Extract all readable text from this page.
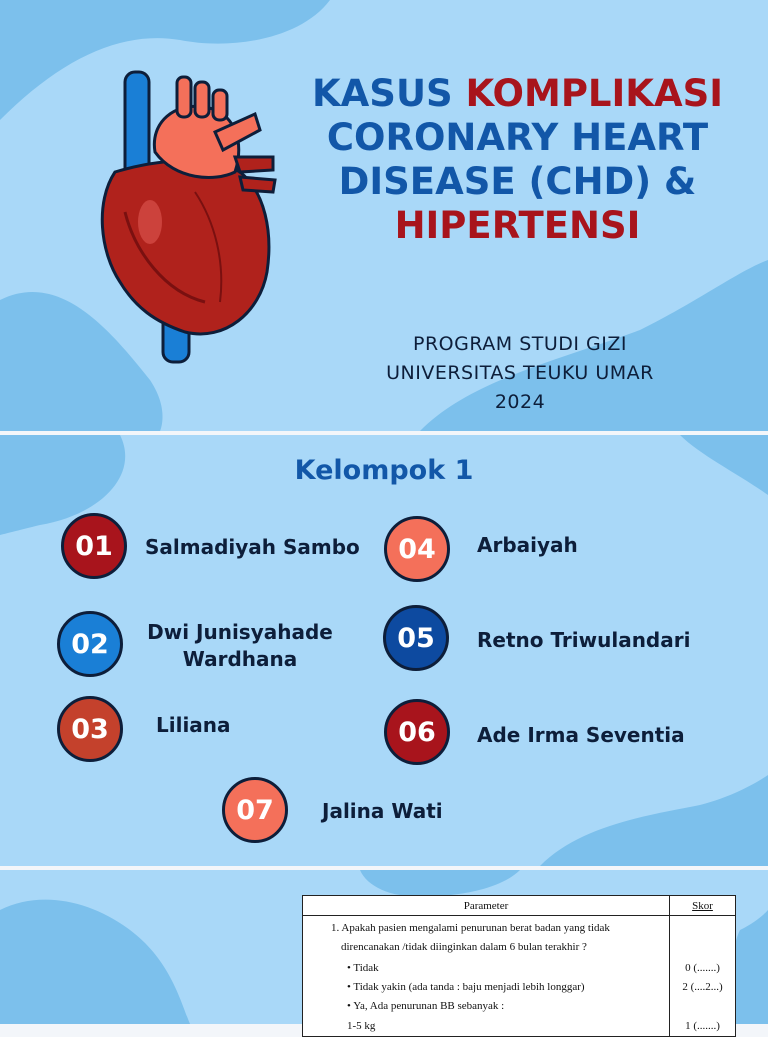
KASUS KOMPLIKASI
CORONARY HEART
DISEASE (CHD) &
HIPERTENSI
PROGRAM STUDI GIZI
UNIVERSITAS TEUKU UMAR
2024
Kelompok 1
01	Salmadiyah Sambo	04	Arbaiyah
02	Dwi Junisyahade
Wardhana
05	Retno Triwulandari
03	Liliana	06	Ade Irma Seventia
07	Jalina Wati
Parameter	Skor
1. Apakah pasien mengalami penurunan berat badan yang tidak
direncanakan /tidak diinginkan dalam 6 bulan terakhir ?
• Tidak	0 (.......)
• Tidak yakin (ada tanda : baju menjadi lebih longgar)	2 (....2...)
• Ya, Ada penurunan BB sebanyak :
1-5 kg	1 (.......)
